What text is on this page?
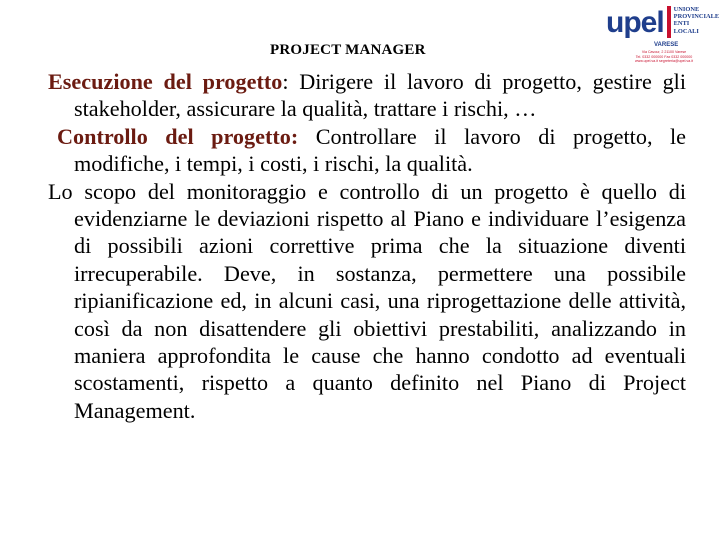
PROJECT MANAGER
upel UNIONE
PROVINCIALE
ENTI
LOCALI
VARESE
Via Cavour, 2 21100 Varese
Tel. 0332 000000 Fax 0332 000000
www.upel.va.it segreteria@upel.va.it

Esecuzione del progetto: Dirigere il lavoro di progetto, gestire gli stakeholder, assicurare la qualità, trattare i rischi, …

Controllo del progetto: Controllare il lavoro di progetto, le modifiche, i tempi, i costi, i rischi, la qualità.

Lo scopo del monitoraggio e controllo di un progetto è quello di evidenziarne le deviazioni rispetto al Piano e individuare l’esigenza di possibili azioni correttive prima che la situazione diventi irrecuperabile. Deve, in sostanza, permettere una possibile ripianificazione ed, in alcuni casi, una riprogettazione delle attività, così da non disattendere gli obiettivi prestabiliti, analizzando in maniera approfondita le cause che hanno condotto ad eventuali scostamenti, rispetto a quanto definito nel Piano di Project Management.
